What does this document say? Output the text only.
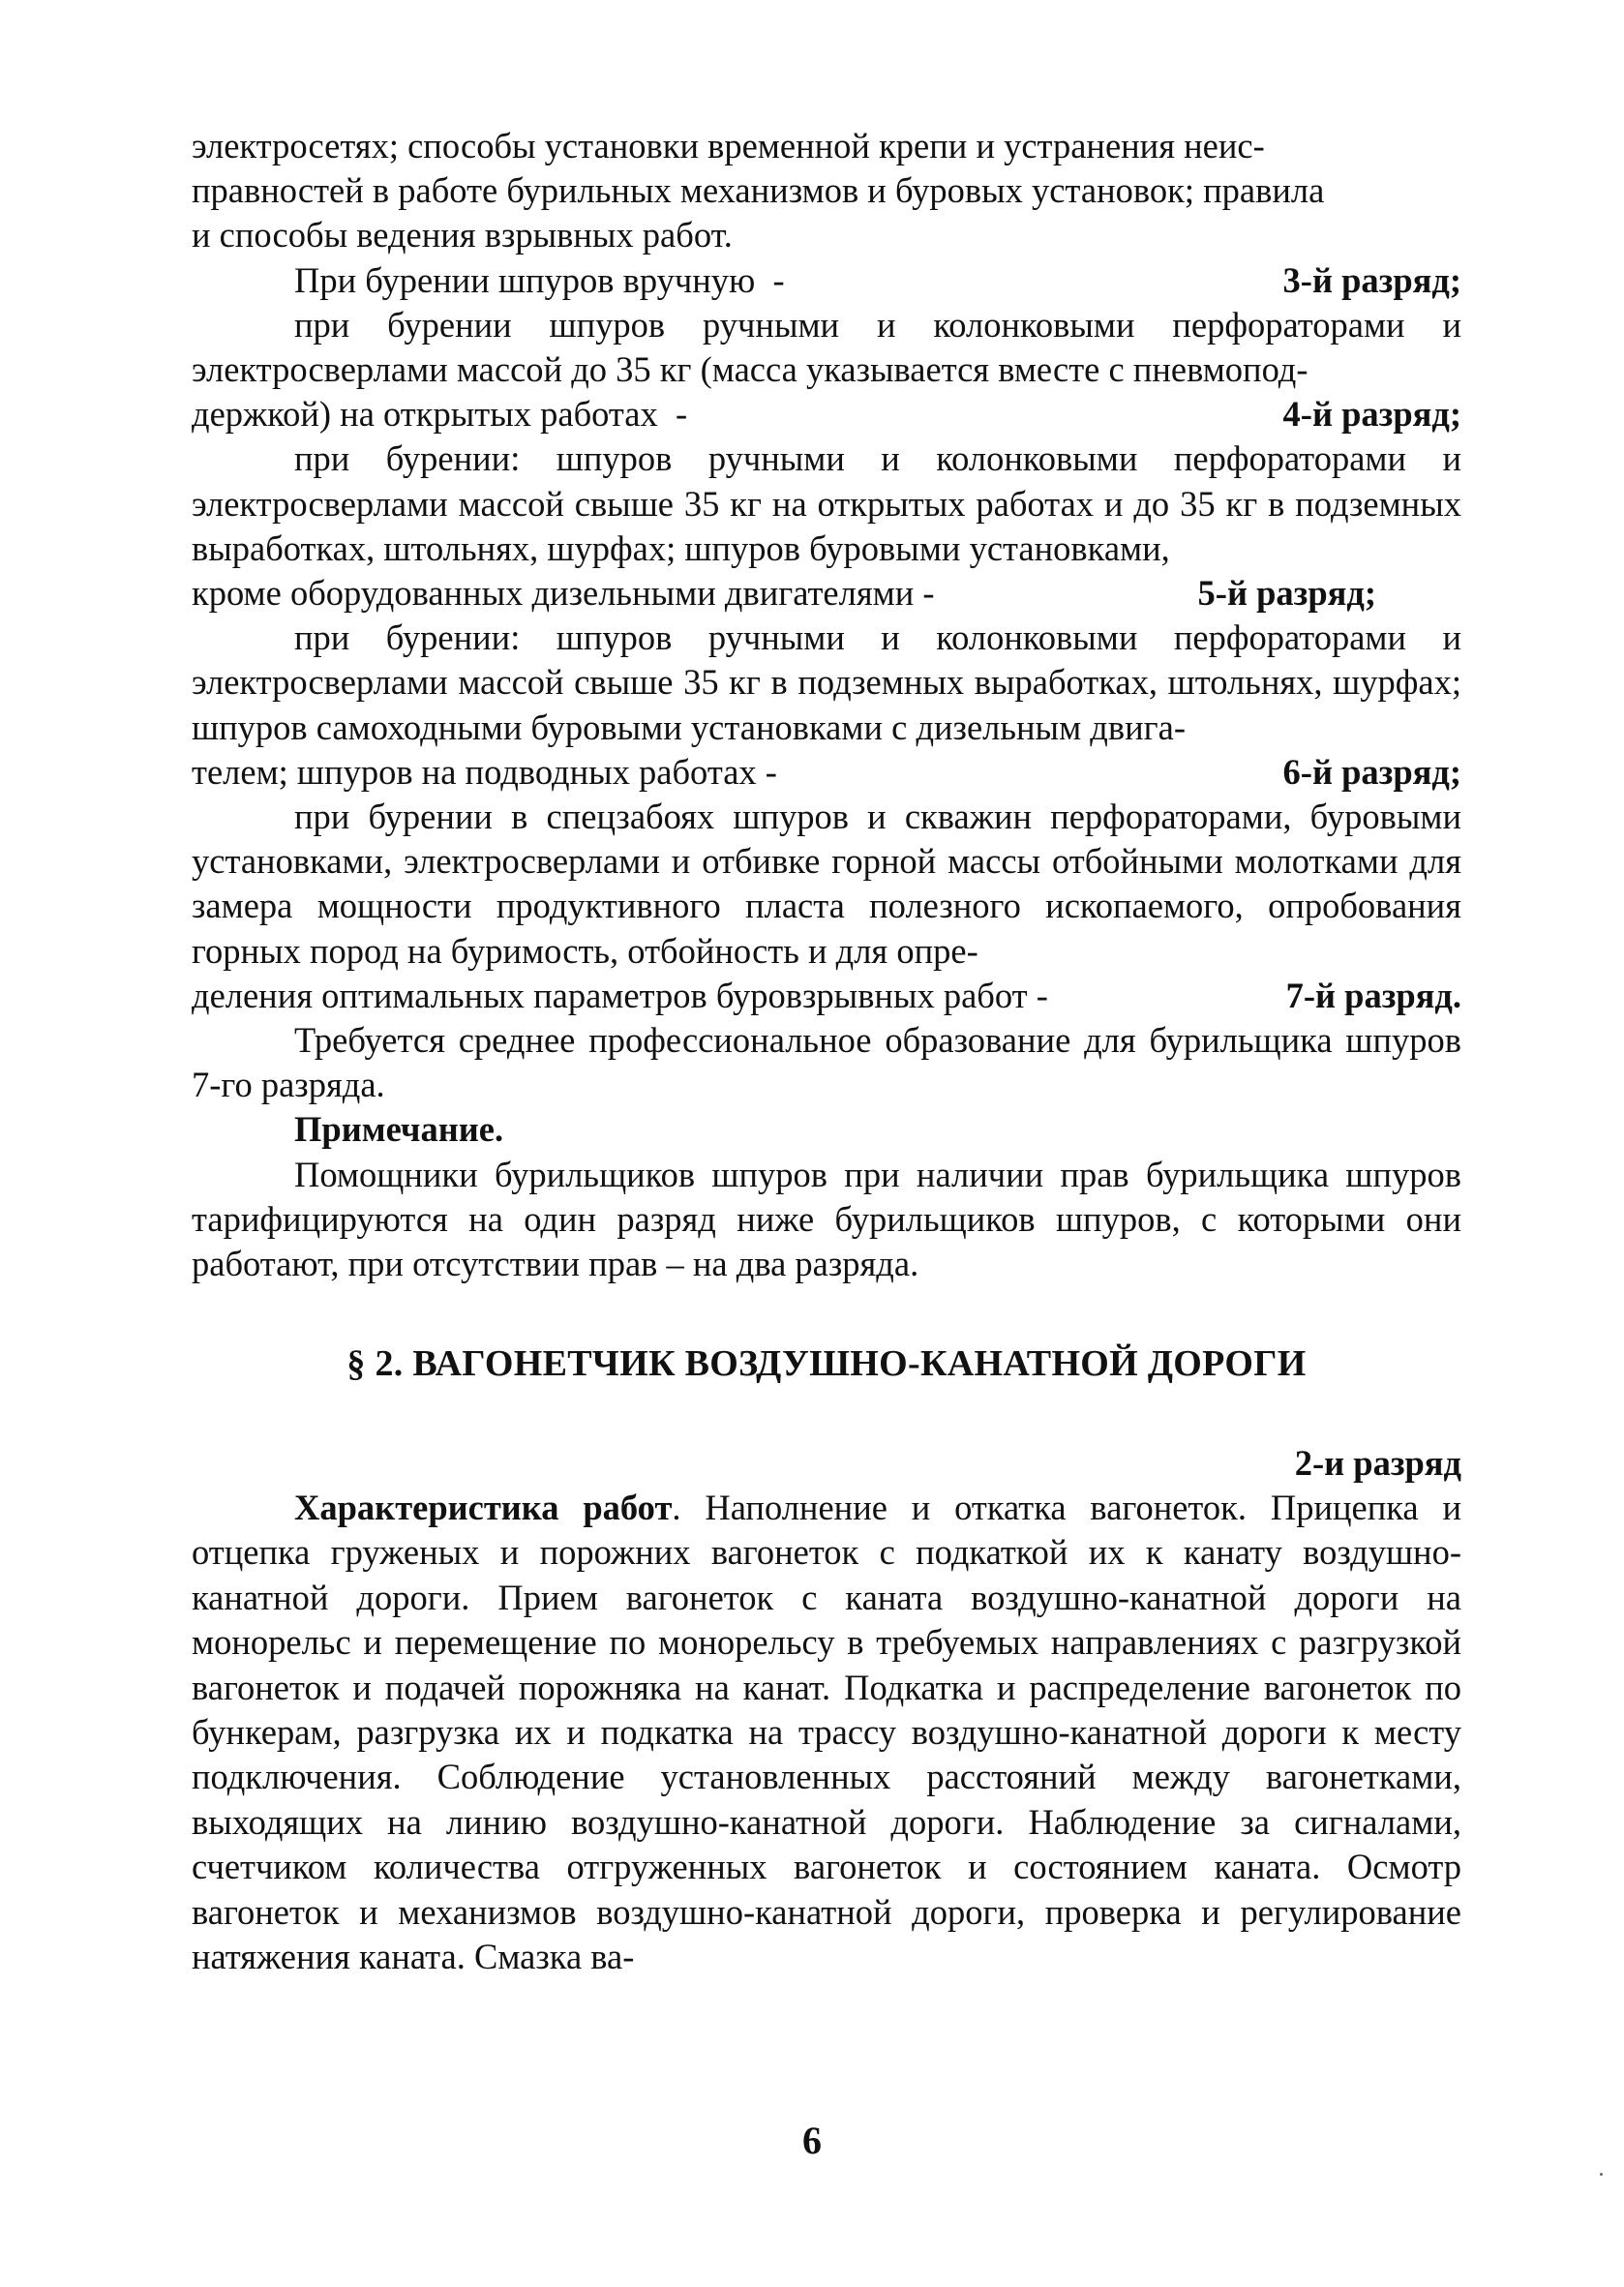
электросетях; способы установки временной крепи и устранения неис-
правностей в работе бурильных механизмов и буровых установок; правила
и способы ведения взрывных работ.

При бурении шпуров вручную  -	3-й разряд;

при бурении шпуров ручными и колонковыми перфораторами и электросверлами массой до 35 кг (масса указывается вместе с пневмопод-

держкой) на открытых работах  -	4-й разряд;

при бурении: шпуров ручными и колонковыми перфораторами и электросверлами массой свыше 35 кг на открытых работах и до 35 кг в подземных выработках, штольнях, шурфах; шпуров буровыми установками,

кроме оборудованных дизельными двигателями -	5-й разряд;

при бурении: шпуров ручными и колонковыми перфораторами и электросверлами массой свыше 35 кг в подземных выработках, штольнях, шурфах; шпуров самоходными буровыми установками с дизельным двига-

телем; шпуров на подводных работах -	6-й разряд;

при бурении в спецзабоях шпуров и скважин перфораторами, буровыми установками, электросверлами и отбивке горной массы отбойными молотками для замера мощности продуктивного пласта полезного ископаемого, опробования горных пород на буримость, отбойность и для опре-

деления оптимальных параметров буровзрывных работ -	7-й разряд.

Требуется среднее профессиональное образование для бурильщика шпуров 7-го разряда.

Примечание.

Помощники бурильщиков шпуров при наличии прав бурильщика шпуров тарифицируются на один разряд ниже бурильщиков шпуров, с которыми они работают, при отсутствии прав – на два разряда.

§ 2. ВАГОНЕТЧИК ВОЗДУШНО-КАНАТНОЙ ДОРОГИ
2-и разряд

Характеристика работ. Наполнение и откатка вагонеток. Прицепка и отцепка груженых и порожних вагонеток с подкаткой их к канату воздушно-канатной дороги. Прием вагонеток с каната воздушно-канатной дороги на монорельс и перемещение по монорельсу в требуемых направлениях с разгрузкой вагонеток и подачей порожняка на канат. Подкатка и распределение вагонеток по бункерам, разгрузка их и подкатка на трассу воздушно-канатной дороги к месту подключения. Соблюдение установленных расстояний между вагонетками, выходящих на линию воздушно-канатной дороги. Наблюдение за сигналами, счетчиком количества отгруженных вагонеток и состоянием каната. Осмотр вагонеток и механизмов воздушно-канатной дороги, проверка и регулирование натяжения каната. Смазка ва-

6
